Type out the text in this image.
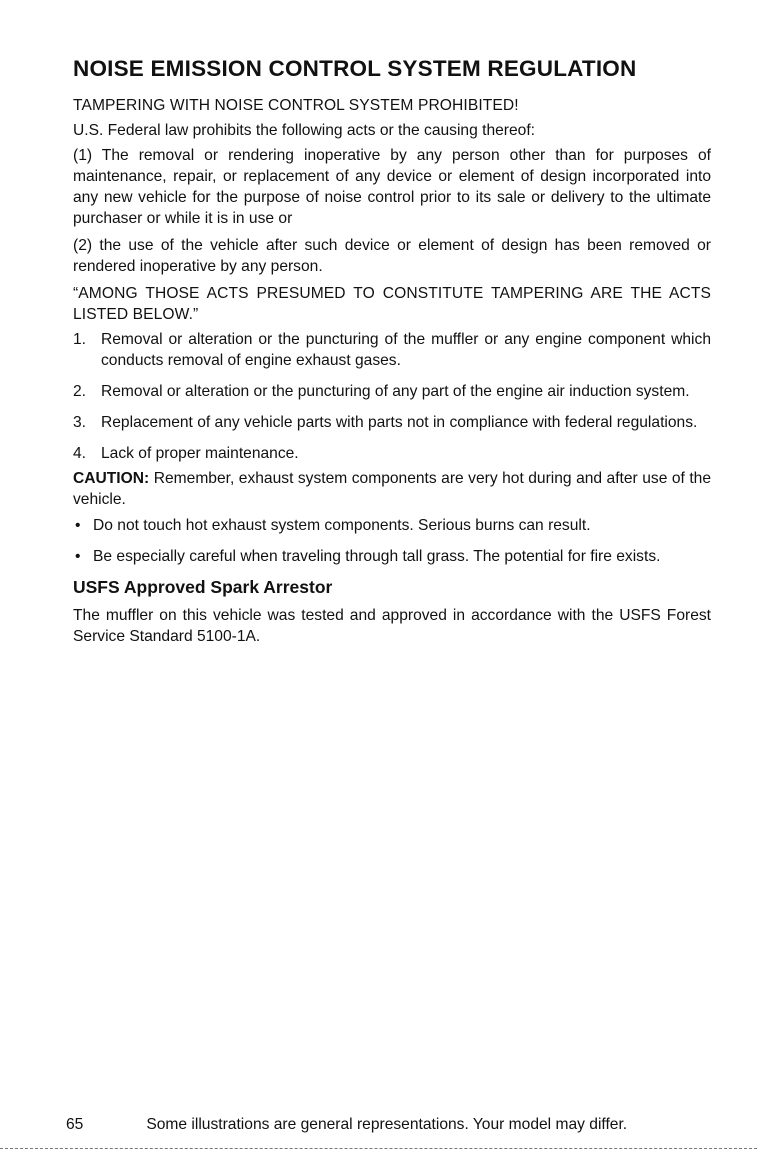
NOISE EMISSION CONTROL SYSTEM REGULATION

TAMPERING WITH NOISE CONTROL SYSTEM PROHIBITED!

U.S. Federal law prohibits the following acts or the causing thereof:

(1) The removal or rendering inoperative by any person other than for purposes of maintenance, repair, or replacement of any device or element of design incorporated into any new vehicle for the purpose of noise control prior to its sale or delivery to the ultimate purchaser or while it is in use or

(2) the use of the vehicle after such device or element of design has been removed or rendered inoperative by any person.

“AMONG THOSE ACTS PRESUMED TO CONSTITUTE TAMPERING ARE THE ACTS LISTED BELOW.”

1. Removal or alteration or the puncturing of the muffler or any engine component which conducts removal of engine exhaust gases.
2. Removal or alteration or the puncturing of any part of the engine air induction system.
3. Replacement of any vehicle parts with parts not in compliance with federal regulations.
4. Lack of proper maintenance.

CAUTION: Remember, exhaust system components are very hot during and after use of the vehicle.

• Do not touch hot exhaust system components. Serious burns can result.
• Be especially careful when traveling through tall grass. The potential for fire exists.
USFS Approved Spark Arrestor

The muffler on this vehicle was tested and approved in accordance with the USFS Forest Service Standard 5100-1A.

65	Some illustrations are general representations. Your model may differ.
